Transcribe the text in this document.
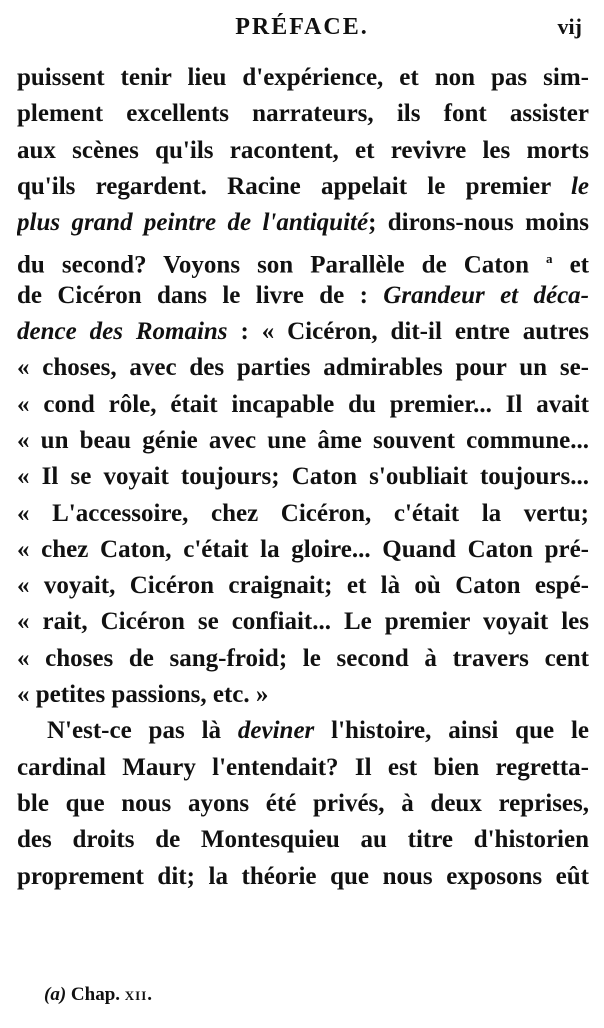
PRÉFACE.	vij
puissent tenir lieu d'expérience, et non pas sim-
plement excellents narrateurs, ils font assister
aux scènes qu'ils racontent, et revivre les morts
qu'ils regardent. Racine appelait le premier le
plus grand peintre de l'antiquité; dirons-nous moins
du second? Voyons son Parallèle de Caton $^a$ et
de Cicéron dans le livre de : Grandeur et déca-
dence des Romains : « Cicéron, dit-il entre autres
« choses, avec des parties admirables pour un se-
« cond rôle, était incapable du premier... Il avait
« un beau génie avec une âme souvent commune...
« Il se voyait toujours; Caton s'oubliait toujours...
« L'accessoire, chez Cicéron, c'était la vertu;
« chez Caton, c'était la gloire... Quand Caton pré-
« voyait, Cicéron craignait; et là où Caton espé-
« rait, Cicéron se confiait... Le premier voyait les
« choses de sang-froid; le second à travers cent
« petites passions, etc. »
N'est-ce pas là deviner l'histoire, ainsi que le
cardinal Maury l'entendait? Il est bien regretta-
ble que nous ayons été privés, à deux reprises,
des droits de Montesquieu au titre d'historien
proprement dit; la théorie que nous exposons eût
(a) Chap. xii.
